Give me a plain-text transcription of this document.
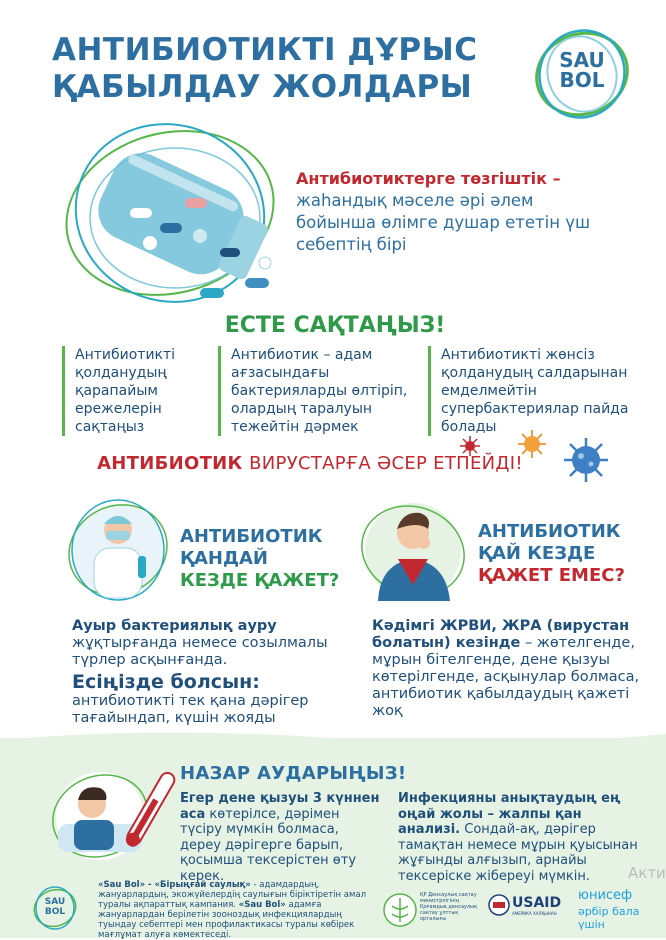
АНТИБИОТИКТІ ДҰРЫС
ҚАБЫЛДАУ ЖОЛДАРЫ
SAU
BOL
Антибиотиктерге төзгіштік –
жаһандық мәселе әрі әлем бойынша өлімге душар ететін үш себептің бірі
ЕСТЕ САҚТАҢЫЗ!
Антибиотикті қолданудың қарапайым ережелерін сақтаңыз
Антибиотик – адам ағзасындағы бактерияларды өлтіріп, олардың таралуын тежейтін дәрмек
Антибиотикті жөнсіз қолданудың салдарынан емделмейтін супербактериялар пайда болады
АНТИБИОТИК ВИРУСТАРҒА ӘСЕР ЕТПЕЙДІ!
АНТИБИОТИК ҚАНДАЙ
КЕЗДЕ ҚАЖЕТ?
АНТИБИОТИК ҚАЙ КЕЗДЕ
ҚАЖЕТ ЕМЕС?
Ауыр бактериялық ауру
жұқтырғанда немесе созылмалы түрлер асқынғанда.
Есіңізде болсын:
антибиотикті тек қана дәрігер тағайындап, күшін жояды
Кәдімгі ЖРВИ, ЖРА (вирустан болатын) кезінде – жөтелгенде, мұрын бітелгенде, дене қызуы көтерілгенде, асқынулар болмаса, антибиотик қабылдаудың қажеті жоқ
НАЗАР АУДАРЫҢЫЗ!
Егер дене қызуы 3 күннен аса көтерілсе, дәрімен түсіру мүмкін болмаса, дереу дәрігерге барып, қосымша тексерістен өту керек.
Инфекцияны анықтаудың ең оңай жолы – жалпы қан анализі. Сондай-ақ, дәрігер тамақтан немесе мұрын қуысынан жұғынды алғызып, арнайы тексеріске жібереуі мүмкін.
SAU
BOL
«Sau Bol» - «Бірыңғай саулық» - адамдардың, жануарлардың, экожүйелердің саулығын біріктіретін амал туралы ақпараттық кампания. «Sau Bol» адамға жануарлардан берілетін зооноздық инфекциялардың туындау себептері мен профилактикасы туралы көбірек мағлұмат алуға көмектеседі.
ҚР Денсаулық сақтау министрлігінің Қоғамдық денсаулық сақтау ұлттық орталығы
USAID
АМЕРИКА ХАЛҚЫНАН
юнисеф
әрбір бала үшін
Акти
